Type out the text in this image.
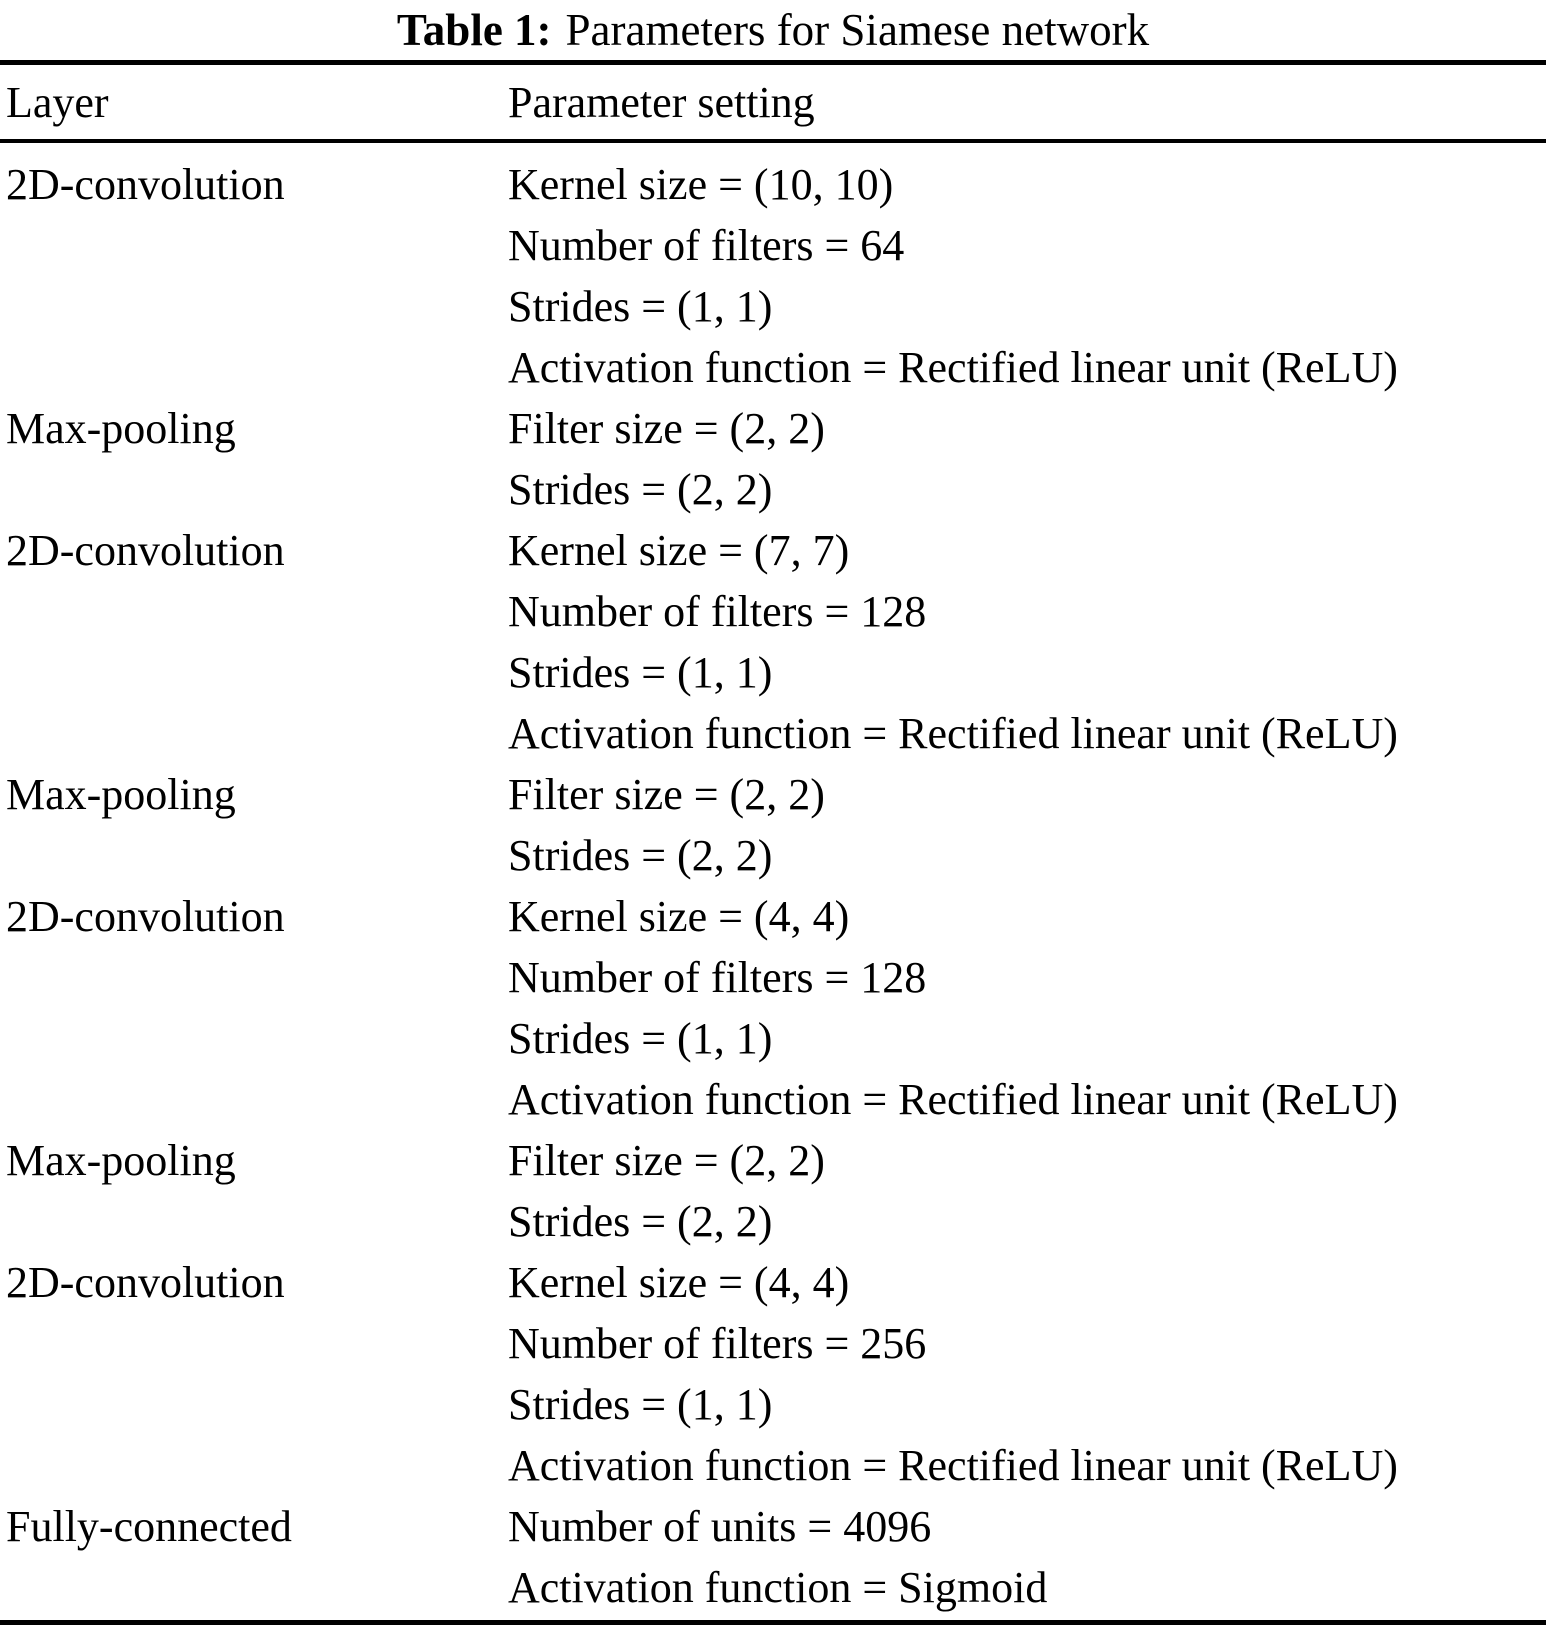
Table 1: Parameters for Siamese network
Layer	Parameter setting
2D-convolution	Kernel size = (10, 10)
Number of filters = 64
Strides = (1, 1)
Activation function = Rectified linear unit (ReLU)
Max-pooling	Filter size = (2, 2)
Strides = (2, 2)
2D-convolution	Kernel size = (7, 7)
Number of filters = 128
Strides = (1, 1)
Activation function = Rectified linear unit (ReLU)
Max-pooling	Filter size = (2, 2)
Strides = (2, 2)
2D-convolution	Kernel size = (4, 4)
Number of filters = 128
Strides = (1, 1)
Activation function = Rectified linear unit (ReLU)
Max-pooling	Filter size = (2, 2)
Strides = (2, 2)
2D-convolution	Kernel size = (4, 4)
Number of filters = 256
Strides = (1, 1)
Activation function = Rectified linear unit (ReLU)
Fully-connected	Number of units = 4096
Activation function = Sigmoid
